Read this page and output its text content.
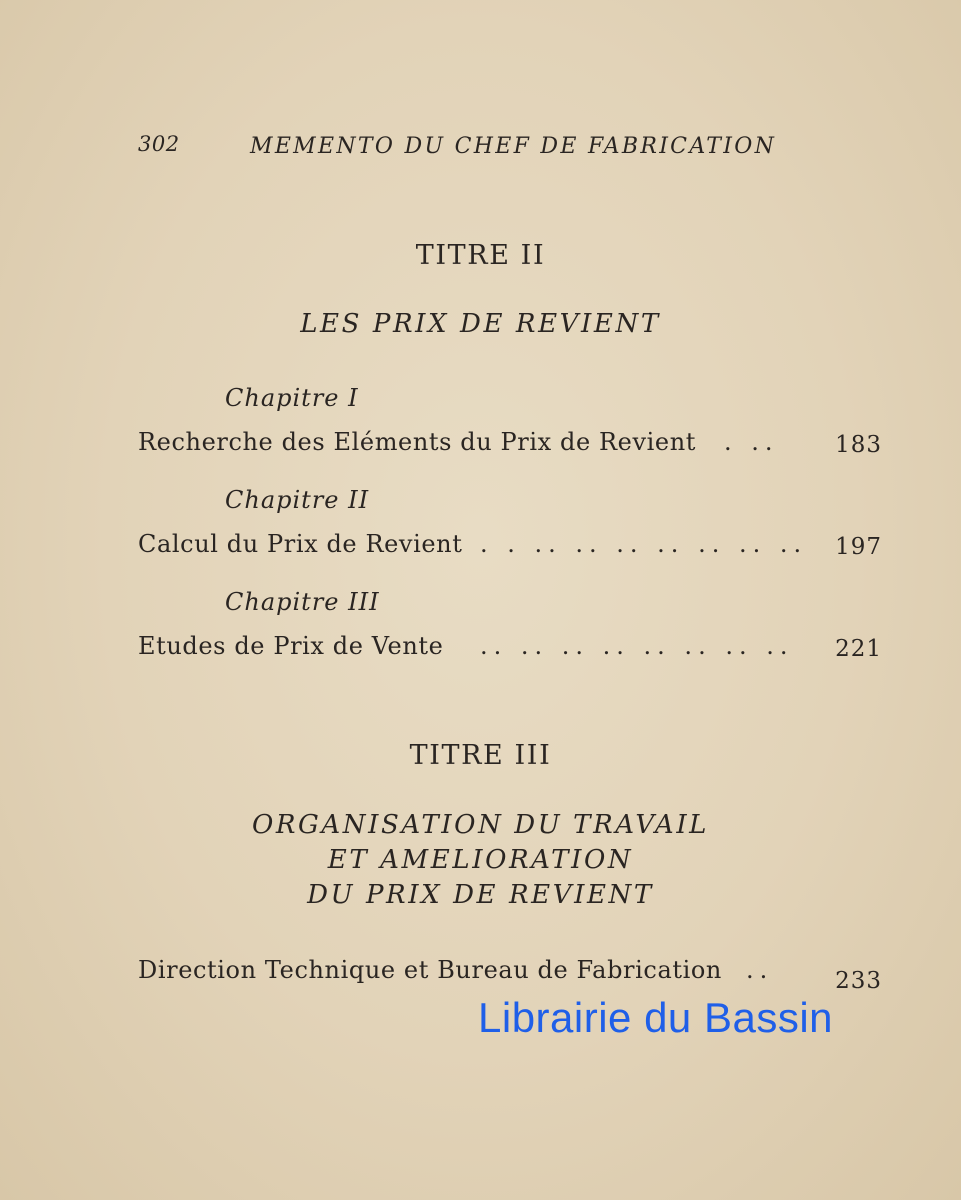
302	MEMENTO DU CHEF DE FABRICATION
TITRE II
LES PRIX DE REVIENT
Chapitre I
Recherche des Eléments du Prix de Revient . .. 183
Chapitre II
Calcul du Prix de Revient . . .. .. .. .. .. .. .. 197
Chapitre III
Etudes de Prix de Vente .. .. .. .. .. .. .. .. 221
TITRE III
ORGANISATION DU TRAVAIL
ET AMELIORATION
DU PRIX DE REVIENT
Direction Technique et Bureau de Fabrication ..	233
Librairie du Bassin
